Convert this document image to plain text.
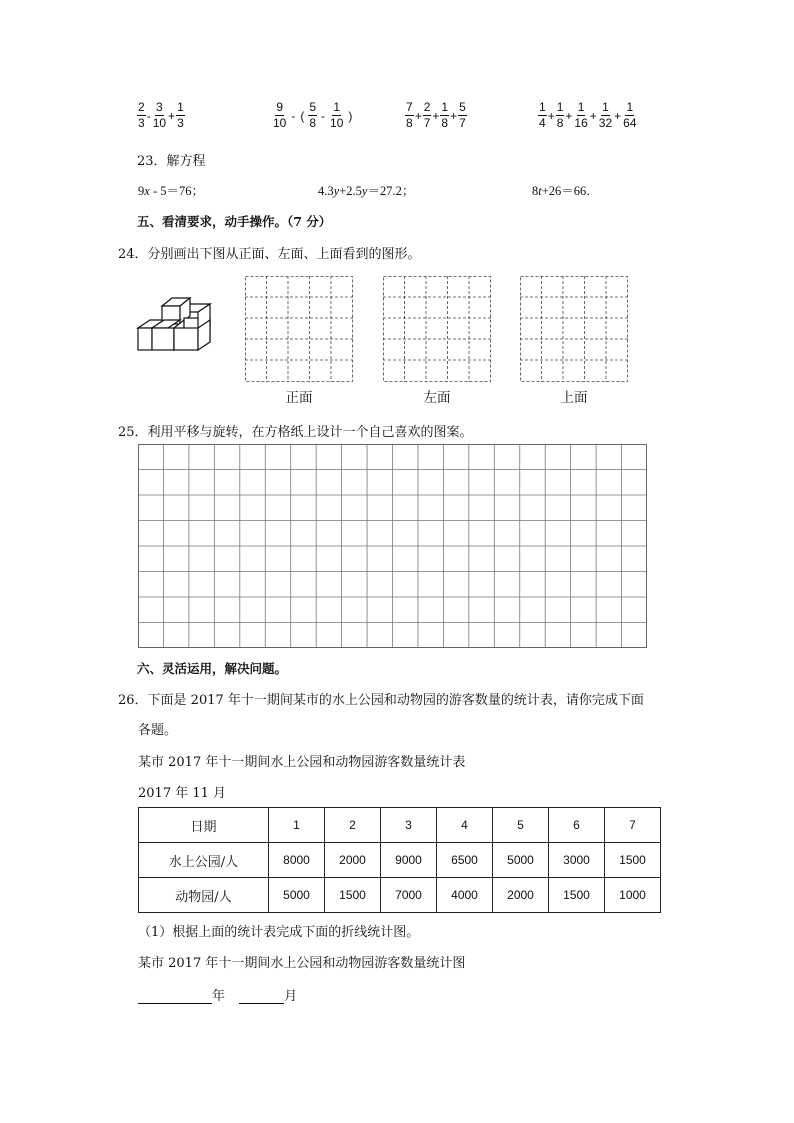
$\frac{2}{3} - \frac{3}{10} + \frac{1}{3}$	$\frac{9}{10}$ - ( $\frac{5}{8} - \frac{1}{10}$ )	$\frac{7}{8} + \frac{2}{7} + \frac{1}{8} + \frac{5}{7}$	$\frac{1}{4} + \frac{1}{8} + \frac{1}{16} + \frac{1}{32} + \frac{1}{64}$
23．解方程
9x - 5＝76；	4.3y+2.5y＝27.2；	8t+26＝66．
五、看清要求，动手操作。（7 分）
24．分别画出下图从正面、左面、上面看到的图形。
正面	左面	上面
25．利用平移与旋转，在方格纸上设计一个自己喜欢的图案。
六、灵活运用，解决问题。
26．下面是 2017 年十一期间某市的水上公园和动物园的游客数量的统计表，请你完成下面
各题。
某市 2017 年十一期间水上公园和动物园游客数量统计表
2017 年 11 月
日期	1	2	3	4	5	6	7
水上公园/人	8000	2000	9000	6500	5000	3000	1500
动物园/人	5000	1500	7000	4000	2000	1500	1000
（1）根据上面的统计表完成下面的折线统计图。
某市 2017 年十一期间水上公园和动物园游客数量统计图
年	月
